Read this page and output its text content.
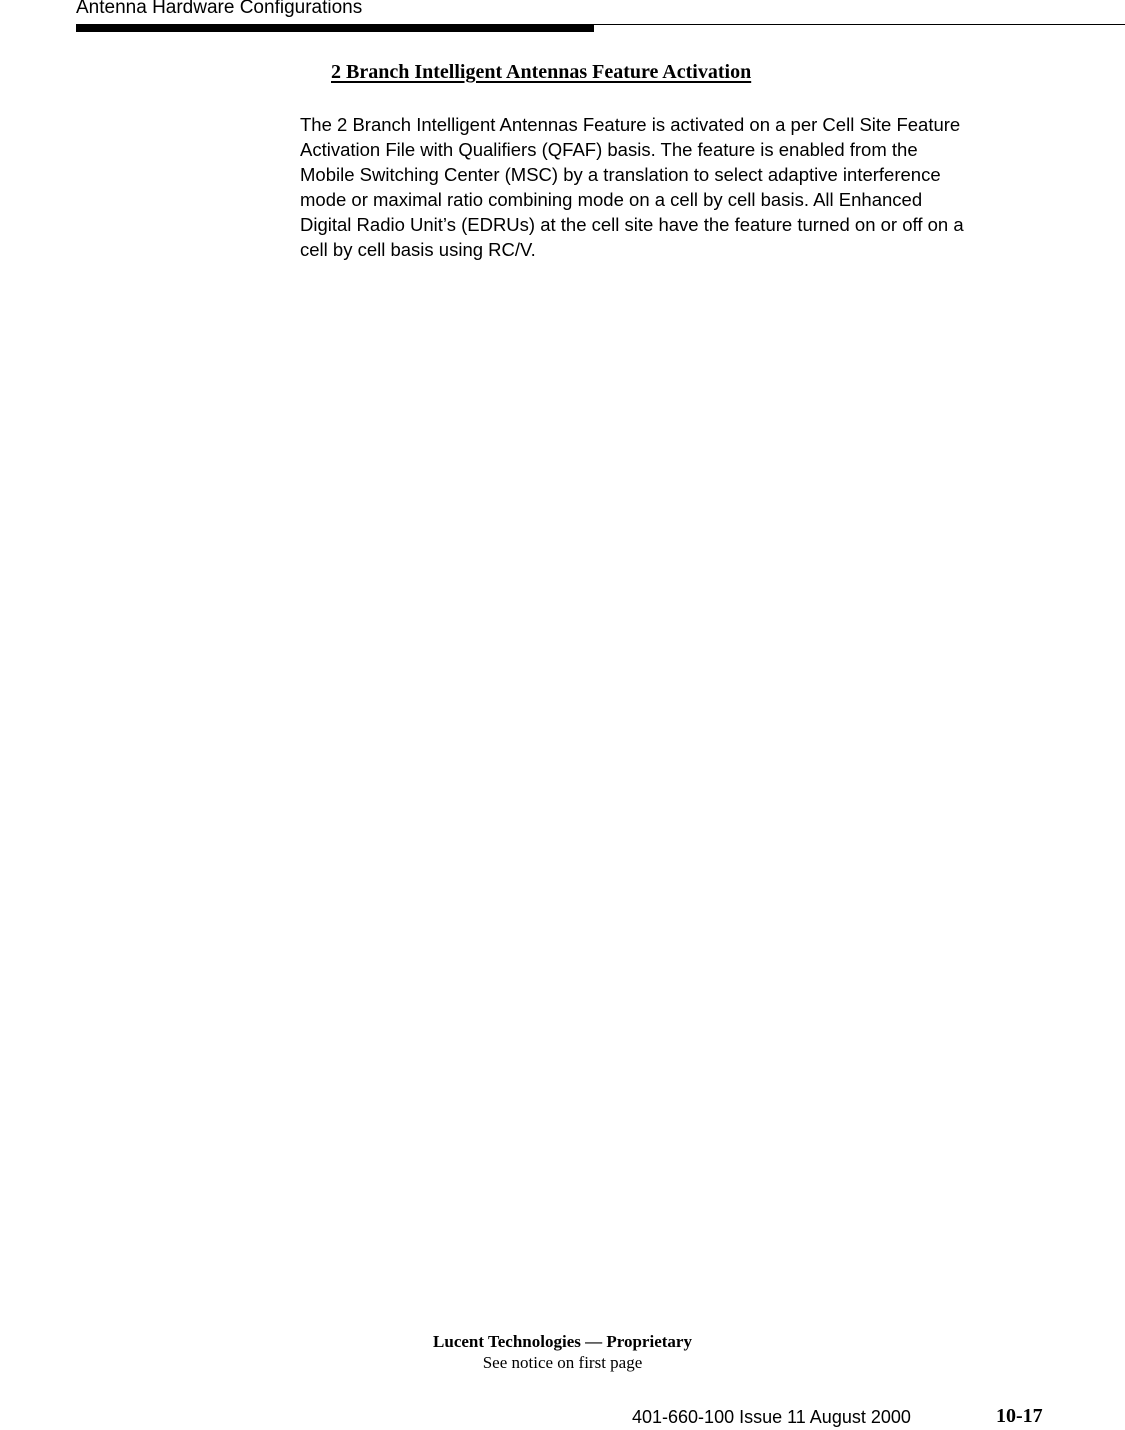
Antenna Hardware Configurations
2 Branch Intelligent Antennas Feature Activation

The 2 Branch Intelligent Antennas Feature is activated on a per Cell Site Feature
Activation File with Qualifiers (QFAF) basis. The feature is enabled from the
Mobile Switching Center (MSC) by a translation to select adaptive interference
mode or maximal ratio combining mode on a cell by cell basis. All Enhanced
Digital Radio Unit’s (EDRUs) at the cell site have the feature turned on or off on a
cell by cell basis using RC/V.

Lucent Technologies — Proprietary
See notice on first page
401-660-100 Issue 11 August 2000	10-17
